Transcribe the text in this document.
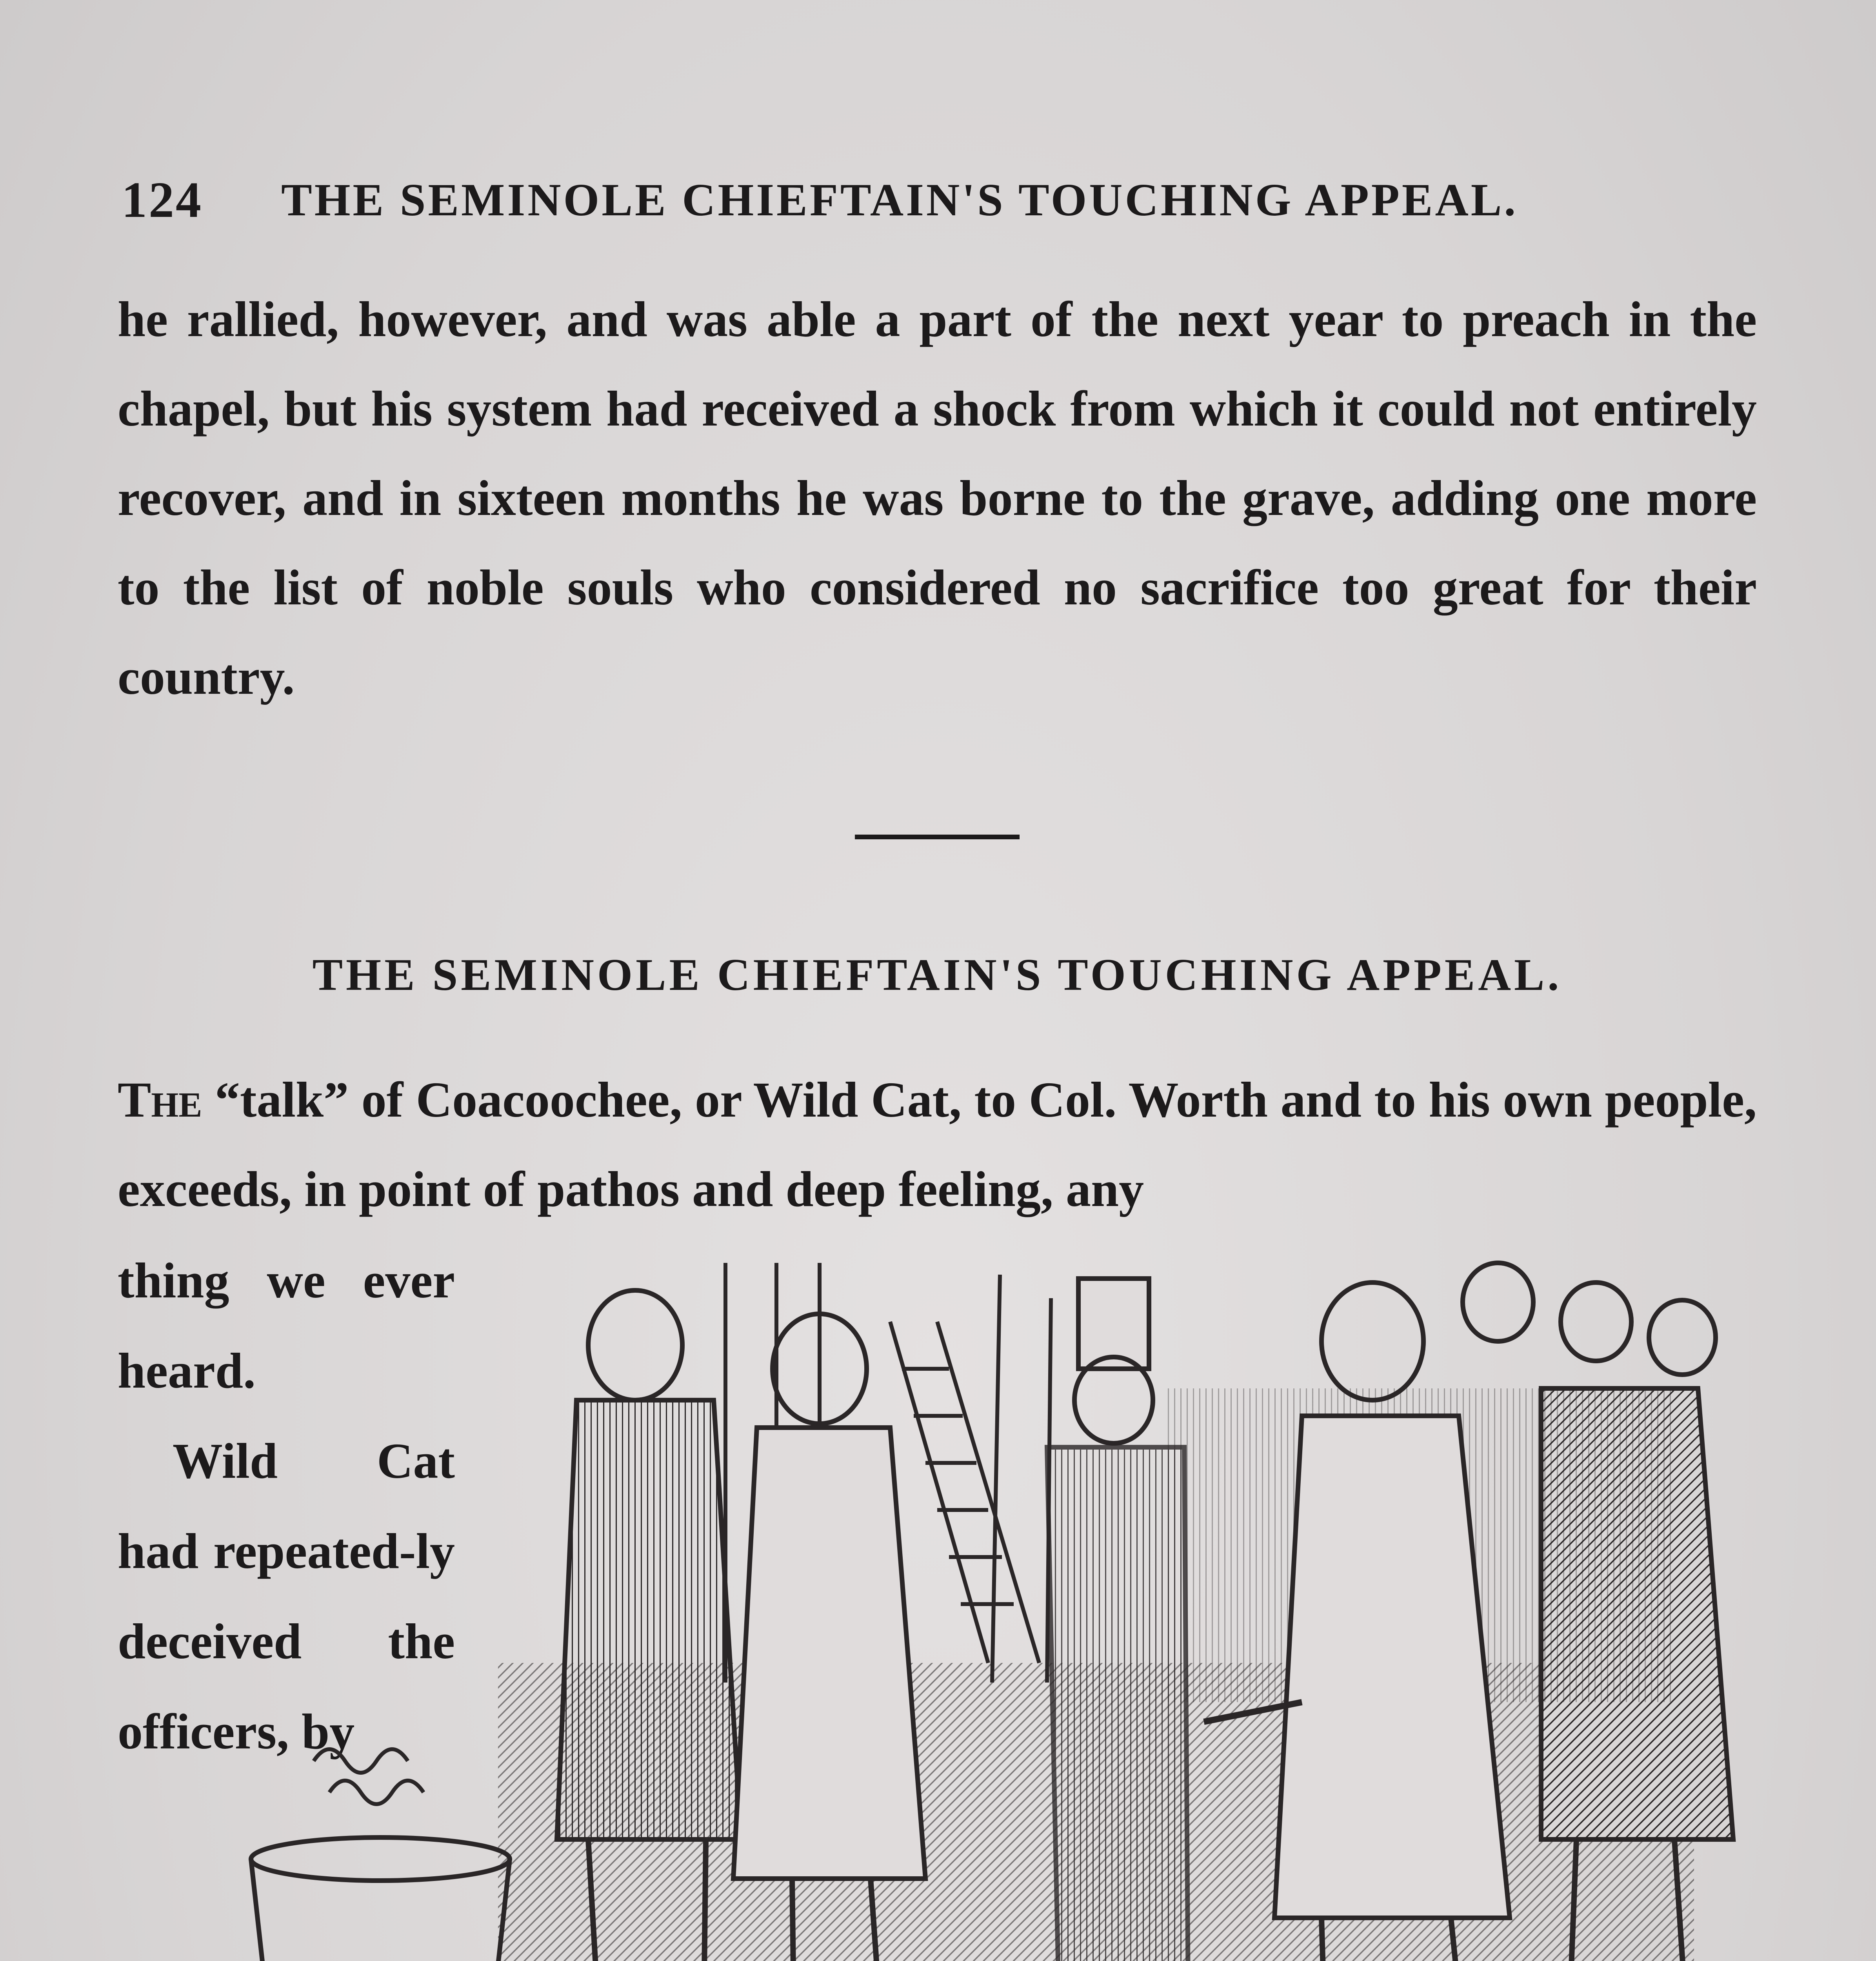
124 THE SEMINOLE CHIEFTAIN'S TOUCHING APPEAL.
he rallied, however, and was able a part of the next year to preach in the chapel, but his system had received a shock from which it could not entirely recover, and in sixteen months he was borne to the grave, adding one more to the list of noble souls who considered no sacrifice too great for their country.
THE SEMINOLE CHIEFTAIN'S TOUCHING APPEAL.
The “talk” of Coacoochee, or Wild Cat, to Col. Worth and to his own people, exceeds, in point of pathos and deep feeling, any

thing we ever heard.

Wild Cat had repeated-ly deceived the officers, by
